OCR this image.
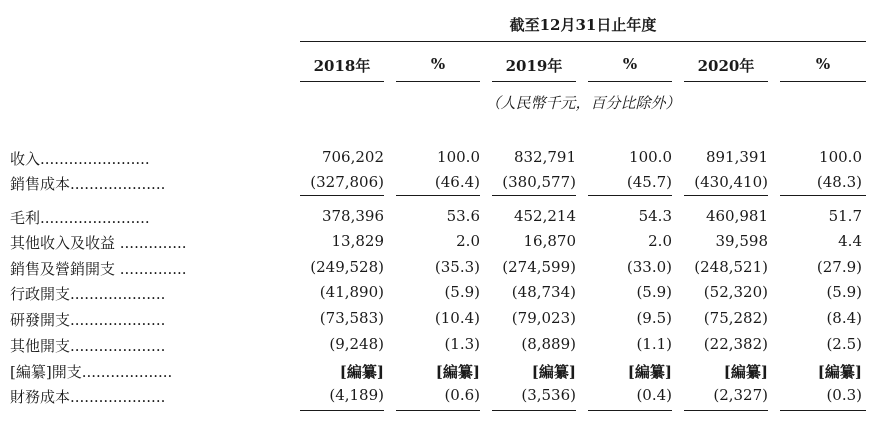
截至12月31日止年度
2018年	%	2019年	%	2020年	%
（人民幣千元，百分比除外）
收入.......................	706,202	100.0 832,791	100.0 891,391	100.0
銷售成本....................	(327,806)	(46.4) (380,577)	(45.7) (430,410)	(48.3)
毛利.......................	378,396	53.6 452,214	54.3 460,981	51.7
其他收入及收益 ..............	13,829	2.0	16,870	2.0	39,598	4.4
銷售及營銷開支 ..............	(249,528)	(35.3) (274,599)	(33.0) (248,521)	(27.9)
行政開支....................	(41,890)	(5.9) (48,734)	(5.9) (52,320)	(5.9)
研發開支....................	(73,583)	(10.4) (79,023)	(9.5) (75,282)	(8.4)
其他開支....................	(9,248)	(1.3)	(8,889)	(1.1) (22,382)	(2.5)
[編纂]開支...................	[編纂]	[編纂]	[編纂]	[編纂]	[編纂]	[編纂]
財務成本....................	(4,189)	(0.6)	(3,536)	(0.4)	(2,327)	(0.3)
